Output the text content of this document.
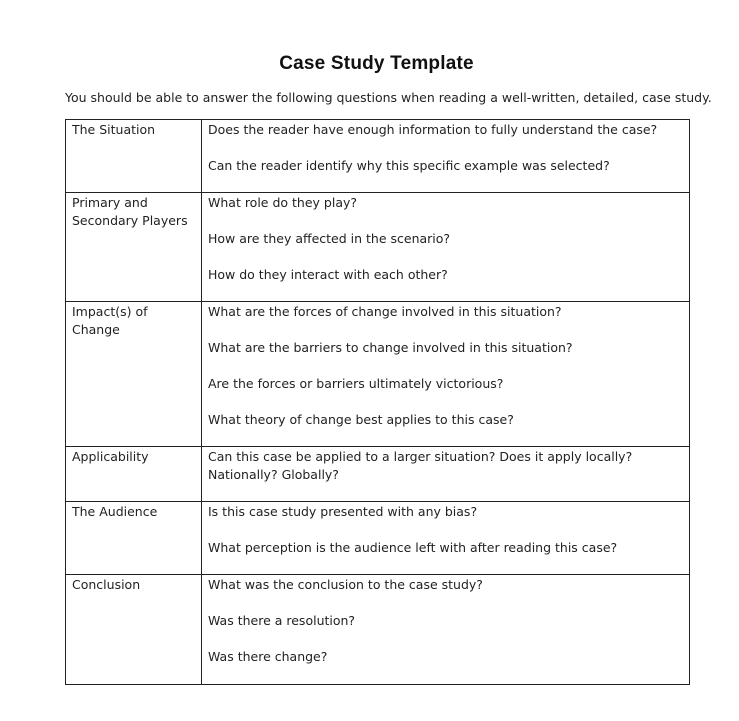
Case Study Template
You should be able to answer the following questions when reading a well-written, detailed, case study.
The Situation	Does the reader have enough information to fully understand the case?
Can the reader identify why this specific example was selected?

Primary and Secondary Players	What role do they play?
How are they affected in the scenario?
How do they interact with each other?

Impact(s) of Change	What are the forces of change involved in this situation?
What are the barriers to change involved in this situation?
Are the forces or barriers ultimately victorious?
What theory of change best applies to this case?

Applicability	Can this case be applied to a larger situation? Does it apply locally? Nationally? Globally?

The Audience	Is this case study presented with any bias?
What perception is the audience left with after reading this case?

Conclusion	What was the conclusion to the case study?
Was there a resolution?
Was there change?
